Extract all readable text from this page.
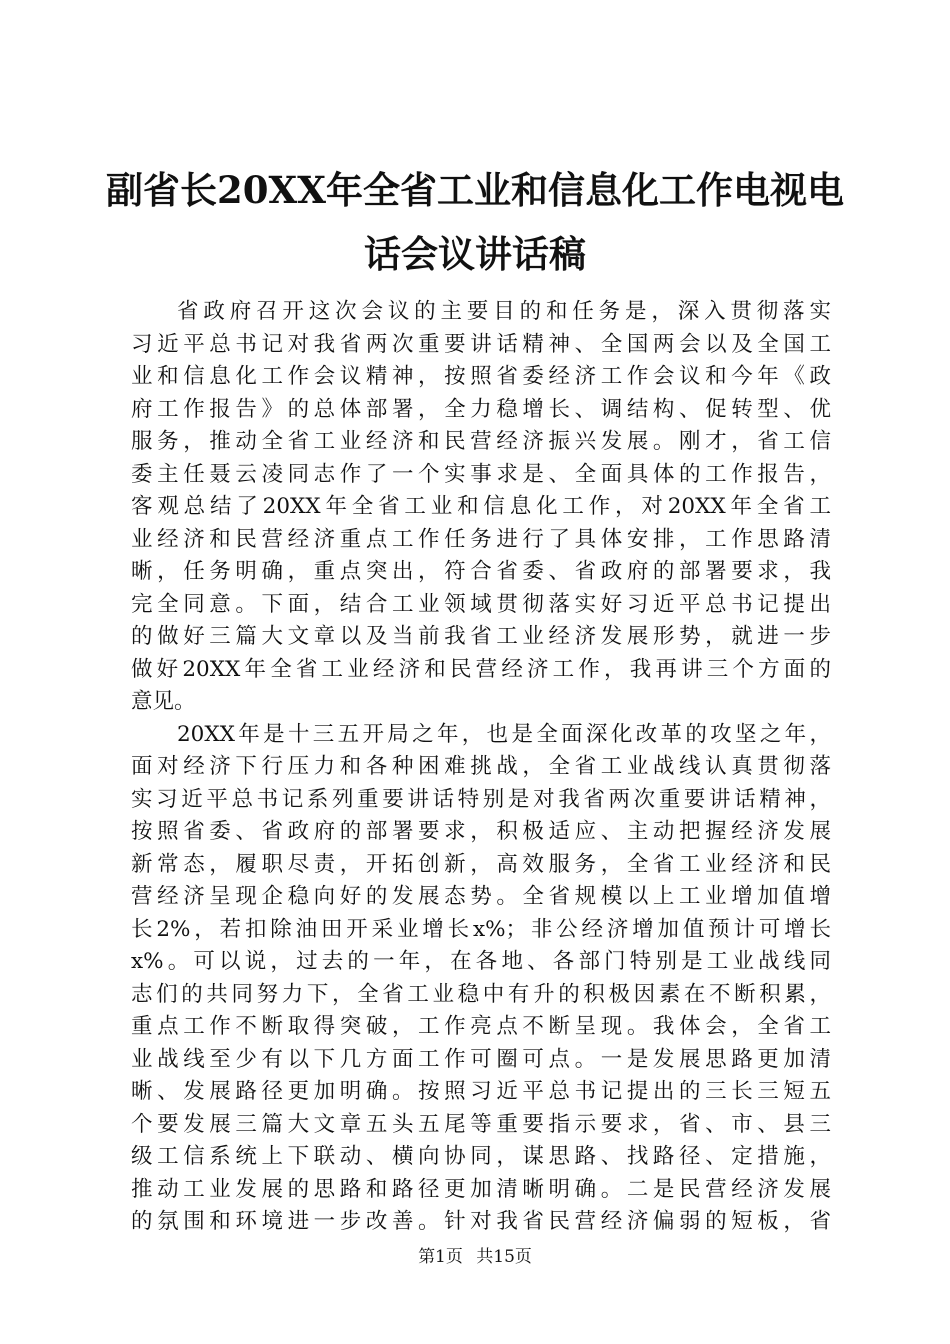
副省长20XX年全省工业和信息化工作电视电
话会议讲话稿
省政府召开这次会议的主要目的和任务是，深入贯彻落实
习近平总书记对我省两次重要讲话精神、全国两会以及全国工
业和信息化工作会议精神，按照省委经济工作会议和今年《政
府工作报告》的总体部署，全力稳增长、调结构、促转型、优
服务，推动全省工业经济和民营经济振兴发展。刚才，省工信
委主任聂云凌同志作了一个实事求是、全面具体的工作报告，
客观总结了20XX年全省工业和信息化工作，对20XX年全省工
业经济和民营经济重点工作任务进行了具体安排，工作思路清
晰，任务明确，重点突出，符合省委、省政府的部署要求，我
完全同意。下面，结合工业领域贯彻落实好习近平总书记提出
的做好三篇大文章以及当前我省工业经济发展形势，就进一步
做好20XX年全省工业经济和民营经济工作，我再讲三个方面的
意见。
20XX年是十三五开局之年，也是全面深化改革的攻坚之年，
面对经济下行压力和各种困难挑战，全省工业战线认真贯彻落
实习近平总书记系列重要讲话特别是对我省两次重要讲话精神，
按照省委、省政府的部署要求，积极适应、主动把握经济发展
新常态，履职尽责，开拓创新，高效服务，全省工业经济和民
营经济呈现企稳向好的发展态势。全省规模以上工业增加值增
长2%，若扣除油田开采业增长x%；非公经济增加值预计可增长
x%。可以说，过去的一年，在各地、各部门特别是工业战线同
志们的共同努力下，全省工业稳中有升的积极因素在不断积累，
重点工作不断取得突破，工作亮点不断呈现。我体会，全省工
业战线至少有以下几方面工作可圈可点。一是发展思路更加清
晰、发展路径更加明确。按照习近平总书记提出的三长三短五
个要发展三篇大文章五头五尾等重要指示要求，省、市、县三
级工信系统上下联动、横向协同，谋思路、找路径、定措施，
推动工业发展的思路和路径更加清晰明确。二是民营经济发展
的氛围和环境进一步改善。针对我省民营经济偏弱的短板，省
第1页 共15页
